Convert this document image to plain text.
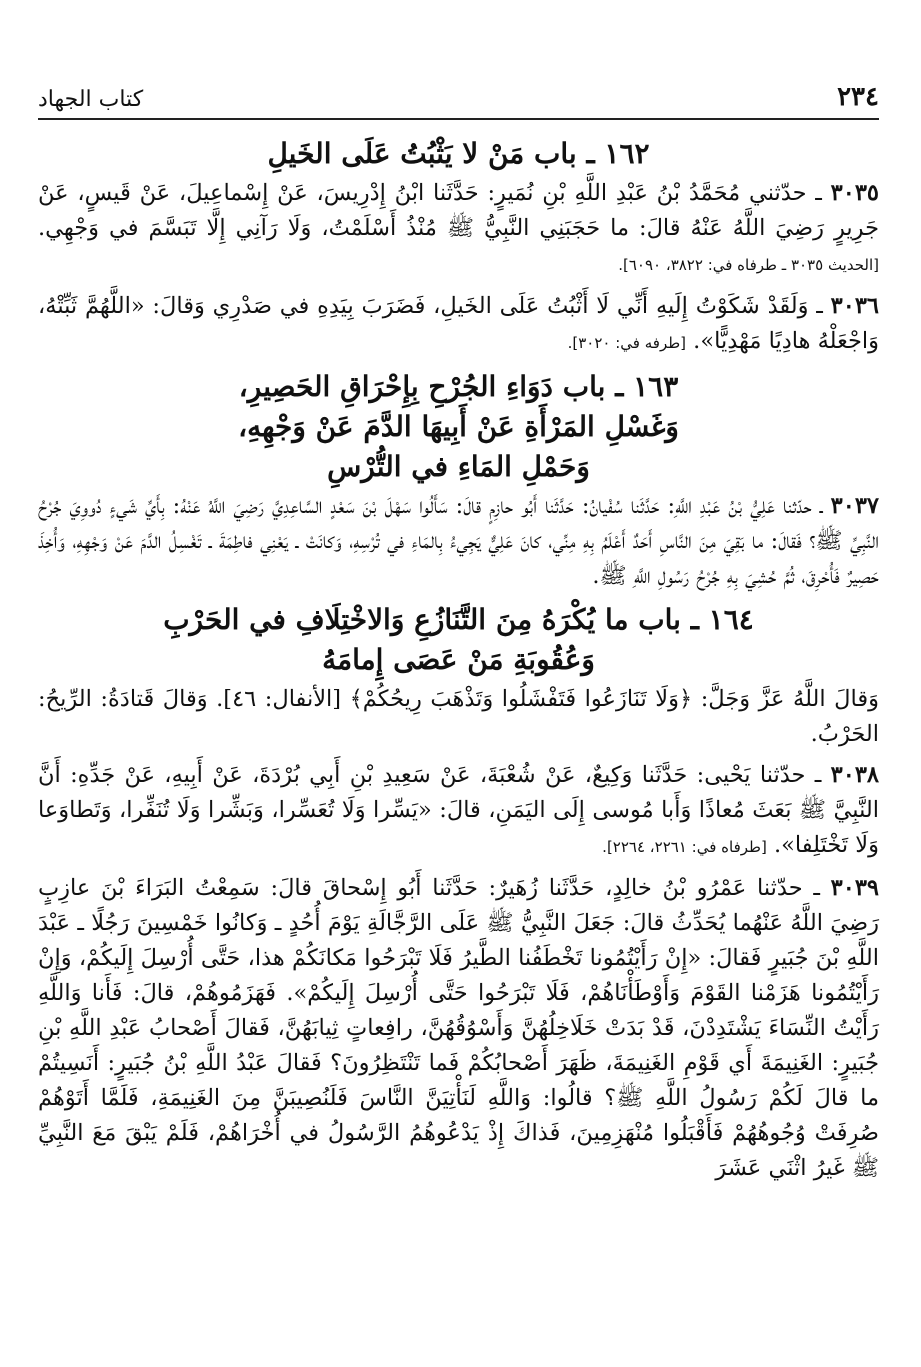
٢٣٤
كتاب الجهاد
١٦٢ ـ باب مَنْ لا يَثْبُتُ عَلَى الخَيلِ

٣٠٣٥ ـ حدّثني مُحَمَّدُ بْنُ عَبْدِ اللَّهِ بْنِ نُمَيرٍ: حَدَّثَنا ابْنُ إِدْرِيسَ، عَنْ إِسْماعِيلَ، عَنْ قَيسٍ، عَنْ جَرِيرٍ رَضِيَ اللَّهُ عَنْهُ قالَ: ما حَجَبَنِي النَّبِيُّ ﷺ مُنْذُ أَسْلَمْتُ، وَلَا رَآنِي إِلَّا تَبَسَّمَ في وَجْهِي. [الحديث ٣٠٣٥ ـ طرفاه في: ٣٨٢٢، ٦٠٩٠].

٣٠٣٦ ـ وَلَقَدْ شَكَوْتُ إِلَيهِ أَنِّي لَا أَثْبُتُ عَلَى الخَيلِ، فَضَرَبَ بِيَدِهِ في صَدْرِي وَقالَ: «اللَّهُمَّ ثَبِّتْهُ، وَاجْعَلْهُ هادِيًا مَهْدِيًّا». [طرفه في: ٣٠٢٠].

١٦٣ ـ باب دَوَاءِ الجُرْحِ بِإِحْرَاقِ الحَصِيرِ،
وَغَسْلِ المَرْأَةِ عَنْ أَبِيهَا الدَّمَ عَنْ وَجْهِهِ،
وَحَمْلِ المَاءِ في التُّرْسِ

٣٠٣٧ ـ حدّثنا عَلِيُّ بْنُ عَبْدِ اللَّهِ: حَدَّثَنا سُفْيانُ: حَدَّثَنا أَبُو حازِمٍ قالَ: سَأَلُوا سَهْلَ بْنَ سَعْدٍ السَّاعِدِيَّ رَضِيَ اللَّهُ عَنْهُ: بِأَيِّ شَيءٍ دُووِيَ جُرْحُ النَّبِيِّ ﷺ؟ فَقالَ: ما بَقِيَ مِنَ النَّاسِ أَحَدٌ أَعْلَمُ بِهِ مِنِّي، كانَ عَلِيٌّ يَجِيءُ بِالمَاءِ في تُرْسِهِ، وَكانَتْ ـ يَعْنِي فاطِمَةَ ـ تَغْسِلُ الدَّمَ عَنْ وَجْهِهِ، وَأُخِذَ حَصِيرٌ فَأُحْرِقَ، ثُمَّ حُشِيَ بِهِ جُرْحُ رَسُولِ اللَّهِ ﷺ.

١٦٤ ـ باب ما يُكْرَهُ مِنَ التَّنَازُعِ وَالاخْتِلَافِ في الحَرْبِ
وَعُقُوبَةِ مَنْ عَصَى إِمامَهُ

وَقالَ اللَّهُ عَزَّ وَجَلَّ: ﴿وَلَا تَنَازَعُوا فَتَفْشَلُوا وَتَذْهَبَ رِيحُكُمْ﴾ [الأنفال: ٤٦]. وَقالَ قَتادَةُ: الرِّيحُ: الحَرْبُ.

٣٠٣٨ ـ حدّثنا يَحْيى: حَدَّثَنا وَكِيعٌ، عَنْ شُعْبَةَ، عَنْ سَعِيدِ بْنِ أَبِي بُرْدَةَ، عَنْ أَبِيهِ، عَنْ جَدِّهِ: أَنَّ النَّبِيَّ ﷺ بَعَثَ مُعاذًا وَأَبا مُوسى إِلَى اليَمَنِ، قالَ: «يَسِّرا وَلَا تُعَسِّرا، وَبَشِّرا وَلَا تُنَفِّرا، وَتَطاوَعا وَلَا تَخْتَلِفا». [طرفاه في: ٢٢٦١، ٢٢٦٤].

٣٠٣٩ ـ حدّثنا عَمْرُو بْنُ خالِدٍ، حَدَّثَنا زُهَيرٌ: حَدَّثَنا أَبُو إِسْحاقَ قالَ: سَمِعْتُ البَرَاءَ بْنَ عازِبٍ رَضِيَ اللَّهُ عَنْهُما يُحَدِّثُ قالَ: جَعَلَ النَّبِيُّ ﷺ عَلَى الرَّجَّالَةِ يَوْمَ أُحُدٍ ـ وَكانُوا خَمْسِينَ رَجُلًا ـ عَبْدَ اللَّهِ بْنَ جُبَيرٍ فَقالَ: «إِنْ رَأَيْتُمُونا تَخْطَفُنا الطَّيرُ فَلَا تَبْرَحُوا مَكانَكُمْ هذا، حَتَّى أُرْسِلَ إِلَيكُمْ، وَإِنْ رَأَيْتُمُونا هَزَمْنا القَوْمَ وَأَوْطَأْنَاهُمْ، فَلَا تَبْرَحُوا حَتَّى أُرْسِلَ إِلَيكُمْ». فَهَزَمُوهُمْ، قالَ: فَأَنا وَاللَّهِ رَأَيْتُ النِّسَاءَ يَشْتَدِدْنَ، قَدْ بَدَتْ خَلَاخِلُهُنَّ وَأَسْوُقُهُنَّ، رافِعاتٍ ثِيابَهُنَّ، فَقالَ أَصْحابُ عَبْدِ اللَّهِ بْنِ جُبَيرٍ: الغَنِيمَةَ أَي قَوْمِ الغَنِيمَةَ، ظَهَرَ أَصْحابُكُمْ فَما تَنْتَظِرُونَ؟ فَقالَ عَبْدُ اللَّهِ بْنُ جُبَيرٍ: أَنَسِيتُمْ ما قالَ لَكُمْ رَسُولُ اللَّهِ ﷺ؟ قالُوا: وَاللَّهِ لَنَأْتِيَنَّ النَّاسَ فَلَنُصِيبَنَّ مِنَ الغَنِيمَةِ، فَلَمَّا أَتَوْهُمْ صُرِفَتْ وُجُوهُهُمْ فَأَقْبَلُوا مُنْهَزِمِينَ، فَذاكَ إِذْ يَدْعُوهُمُ الرَّسُولُ في أُخْرَاهُمْ، فَلَمْ يَبْقَ مَعَ النَّبِيِّ ﷺ غَيرُ اثْنَي عَشَرَ
